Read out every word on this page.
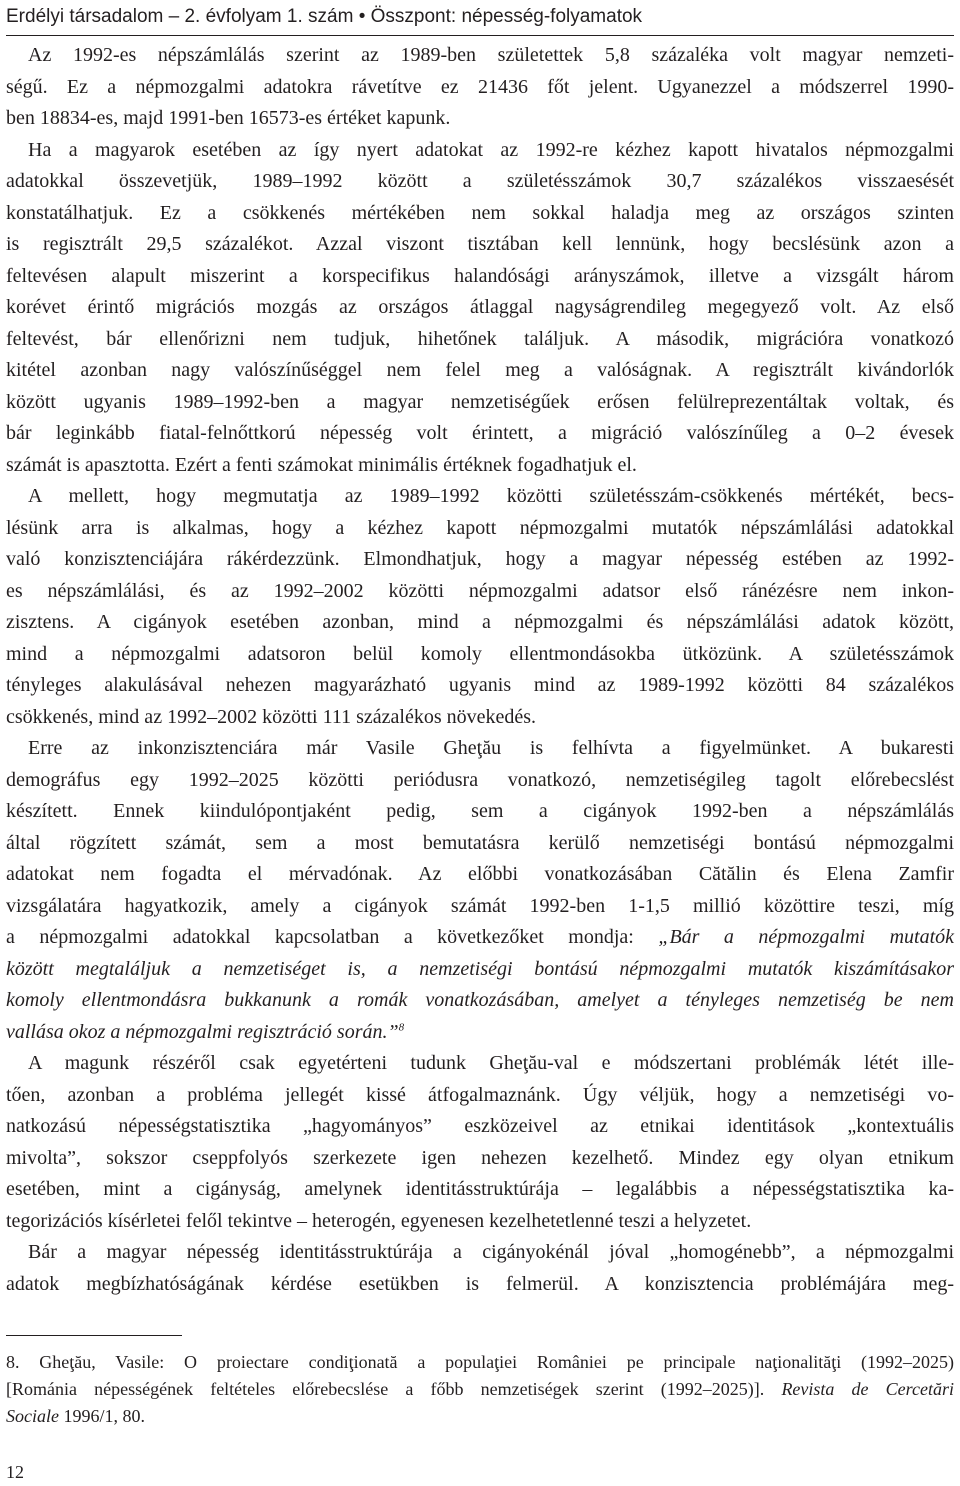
Erdélyi társadalom – 2. évfolyam 1. szám • Összpont: népesség-folyamatok
Az 1992-es népszámlálás szerint az 1989-ben születettek 5,8 százaléka volt magyar nemzeti-
ségű. Ez a népmozgalmi adatokra rávetítve ez 21436 főt jelent. Ugyanezzel a módszerrel 1990-
ben 18834-es, majd 1991-ben 16573-es értéket kapunk.
Ha a magyarok esetében az így nyert adatokat az 1992-re kézhez kapott hivatalos népmozgalmi
adatokkal összevetjük, 1989–1992 között a születésszámok 30,7 százalékos visszaesését
konstatálhatjuk. Ez a csökkenés mértékében nem sokkal haladja meg az országos szinten
is regisztrált 29,5 százalékot. Azzal viszont tisztában kell lennünk, hogy becslésünk azon a
feltevésen alapult miszerint a korspecifikus halandósági arányszámok, illetve a vizsgált három
korévet érintő migrációs mozgás az országos átlaggal nagyságrendileg megegyező volt. Az első
feltevést, bár ellenőrizni nem tudjuk, hihetőnek találjuk. A második, migrációra vonatkozó
kitétel azonban nagy valószínűséggel nem felel meg a valóságnak. A regisztrált kivándorlók
között ugyanis 1989–1992-ben a magyar nemzetiségűek erősen felülreprezentáltak voltak, és
bár leginkább fiatal-felnőttkorú népesség volt érintett, a migráció valószínűleg a 0–2 évesek
számát is apasztotta. Ezért a fenti számokat minimális értéknek fogadhatjuk el.
A mellett, hogy megmutatja az 1989–1992 közötti születésszám-csökkenés mértékét, becs-
lésünk arra is alkalmas, hogy a kézhez kapott népmozgalmi mutatók népszámlálási adatokkal
való konzisztenciájára rákérdezzünk. Elmondhatjuk, hogy a magyar népesség estében az 1992-
es népszámlálási, és az 1992–2002 közötti népmozgalmi adatsor első ránézésre nem inkon-
zisztens. A cigányok esetében azonban, mind a népmozgalmi és népszámlálási adatok között,
mind a népmozgalmi adatsoron belül komoly ellentmondásokba ütközünk. A születésszámok
tényleges alakulásával nehezen magyarázható ugyanis mind az 1989-1992 közötti 84 százalékos
csökkenés, mind az 1992–2002 közötti 111 százalékos növekedés.
Erre az inkonzisztenciára már Vasile Gheţău is felhívta a figyelmünket. A bukaresti
demográfus egy 1992–2025 közötti periódusra vonatkozó, nemzetiségileg tagolt előrebecslést
készített. Ennek kiindulópontjaként pedig, sem a cigányok 1992-ben a népszámlálás
által rögzített számát, sem a most bemutatásra kerülő nemzetiségi bontású népmozgalmi
adatokat nem fogadta el mérvadónak. Az előbbi vonatkozásában Cătălin és Elena Zamfir
vizsgálatára hagyatkozik, amely a cigányok számát 1992-ben 1-1,5 millió közöttire teszi, míg
a népmozgalmi adatokkal kapcsolatban a következőket mondja: „Bár a népmozgalmi mutatók
között megtaláljuk a nemzetiséget is, a nemzetiségi bontású népmozgalmi mutatók kiszámításakor
komoly ellentmondásra bukkanunk a romák vonatkozásában, amelyet a tényleges nemzetiség be nem
vallása okoz a népmozgalmi regisztráció során.”$^8$
A magunk részéről csak egyetérteni tudunk Gheţău-val e módszertani problémák létét ille-
tően, azonban a probléma jellegét kissé átfogalmaznánk. Úgy véljük, hogy a nemzetiségi vo-
natkozású népességstatisztika „hagyományos” eszközeivel az etnikai identitások „kontextuális
mivolta”, sokszor cseppfolyós szerkezete igen nehezen kezelhető. Mindez egy olyan etnikum
esetében, mint a cigányság, amelynek identitásstruktúrája – legalábbis a népességstatisztika ka-
tegorizációs kísérletei felől tekintve – heterogén, egyenesen kezelhetetlenné teszi a helyzetet.
Bár a magyar népesség identitásstruktúrája a cigányokénál jóval „homogénebb”, a népmozgalmi
adatok megbízhatóságának kérdése esetükben is felmerül. A konzisztencia problémájára meg-
8. Gheţău, Vasile: O proiectare condiţionată a populaţiei României pe principale naţionalităţi (1992–2025)
[Románia népességének feltételes előrebecslése a főbb nemzetiségek szerint (1992–2025)]. Revista de Cercetări
Sociale 1996/1, 80.
12
